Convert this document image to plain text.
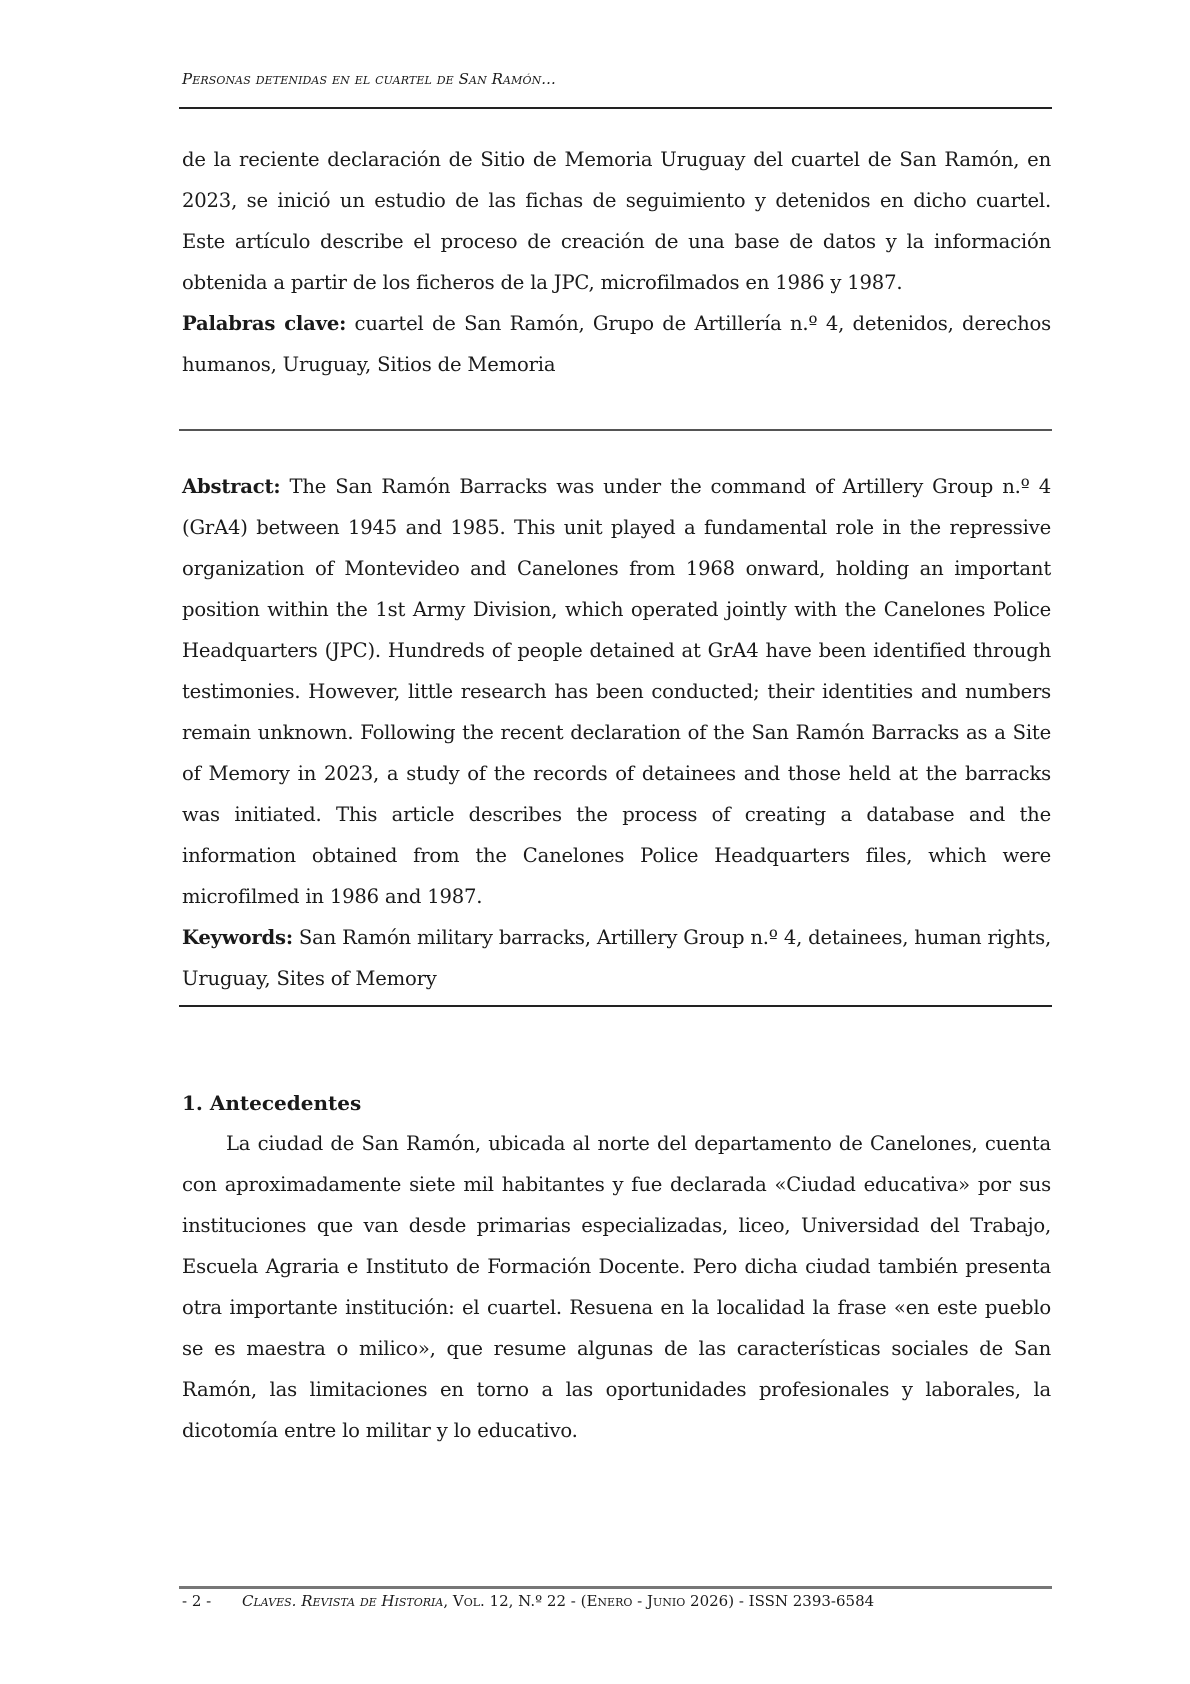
Personas detenidas en el cuartel de San Ramón...

de la reciente declaración de Sitio de Memoria Uruguay del cuartel de San Ramón, en 2023, se inició un estudio de las fichas de seguimiento y detenidos en dicho cuartel. Este artículo describe el proceso de creación de una base de datos y la información obtenida a partir de los ficheros de la JPC, microfilmados en 1986 y 1987.

Palabras clave: cuartel de San Ramón, Grupo de Artillería n.º 4, detenidos, derechos humanos, Uruguay, Sitios de Memoria

Abstract: The San Ramón Barracks was under the command of Artillery Group n.º 4 (GrA4) between 1945 and 1985. This unit played a fundamental role in the repressive organization of Montevideo and Canelones from 1968 onward, holding an important position within the 1st Army Division, which operated jointly with the Canelones Police Headquarters (JPC). Hundreds of people detained at GrA4 have been identified through testimonies. However, little research has been conducted; their identities and numbers remain unknown. Following the recent declaration of the San Ramón Barracks as a Site of Memory in 2023, a study of the records of detainees and those held at the barracks was initiated. This article describes the process of creating a database and the information obtained from the Canelones Police Headquarters files, which were microfilmed in 1986 and 1987.

Keywords: San Ramón military barracks, Artillery Group n.º 4, detainees, human rights, Uruguay, Sites of Memory

1. Antecedentes

La ciudad de San Ramón, ubicada al norte del departamento de Canelones, cuenta con aproximadamente siete mil habitantes y fue declarada «Ciudad educativa» por sus instituciones que van desde primarias especializadas, liceo, Universidad del Trabajo, Escuela Agraria e Instituto de Formación Docente. Pero dicha ciudad también presenta otra importante institución: el cuartel. Resuena en la localidad la frase «en este pueblo se es maestra o milico», que resume algunas de las características sociales de San Ramón, las limitaciones en torno a las oportunidades profesionales y laborales, la dicotomía entre lo militar y lo educativo.

- 2 - Claves. Revista de Historia, Vol. 12, N.º 22 - (Enero - Junio 2026) - ISSN 2393-6584
